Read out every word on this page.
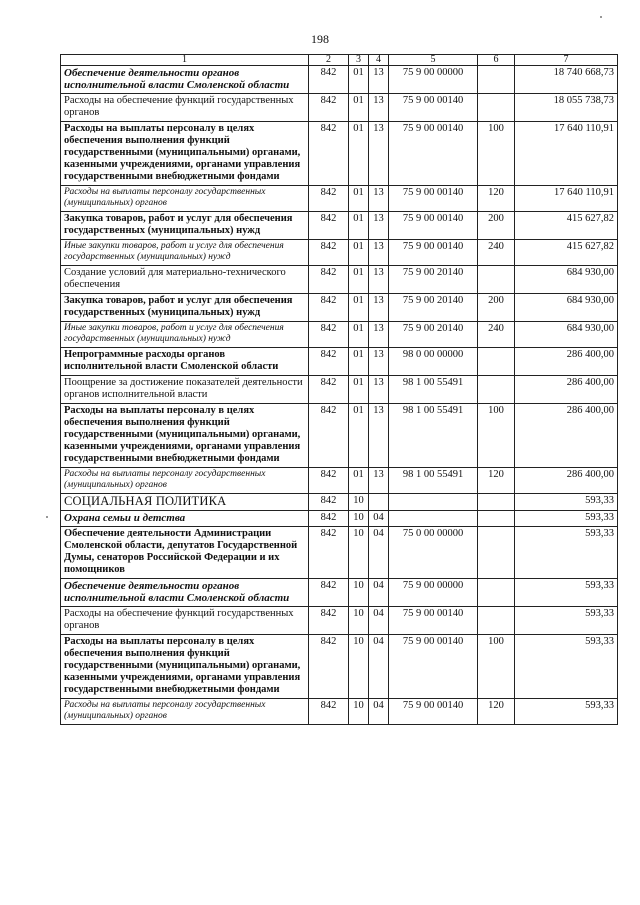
198
1	2	3	4	5	6	7
Обеспечение деятельности органов исполнительной власти Смоленской области	842	01	13	75 9 00 00000		18 740 668,73
Расходы на обеспечение функций государственных органов	842	01	13	75 9 00 00140		18 055 738,73
Расходы на выплаты персоналу в целях обеспечения выполнения функций государственными (муниципальными) органами, казенными учреждениями, органами управления государственными внебюджетными фондами	842	01	13	75 9 00 00140	100	17 640 110,91
Расходы на выплаты персоналу государственных (муниципальных) органов	842	01	13	75 9 00 00140	120	17 640 110,91
Закупка товаров, работ и услуг для обеспечения государственных (муниципальных) нужд	842	01	13	75 9 00 00140	200	415 627,82
Иные закупки товаров, работ и услуг для обеспечения государственных (муниципальных) нужд	842	01	13	75 9 00 00140	240	415 627,82
Создание условий для материально-технического обеспечения	842	01	13	75 9 00 20140		684 930,00
Закупка товаров, работ и услуг для обеспечения государственных (муниципальных) нужд	842	01	13	75 9 00 20140	200	684 930,00
Иные закупки товаров, работ и услуг для обеспечения государственных (муниципальных) нужд	842	01	13	75 9 00 20140	240	684 930,00
Непрограммные расходы органов исполнительной власти Смоленской области	842	01	13	98 0 00 00000		286 400,00
Поощрение за достижение показателей деятельности органов исполнительной власти	842	01	13	98 1 00 55491		286 400,00
Расходы на выплаты персоналу в целях обеспечения выполнения функций государственными (муниципальными) органами, казенными учреждениями, органами управления государственными внебюджетными фондами	842	01	13	98 1 00 55491	100	286 400,00
Расходы на выплаты персоналу государственных (муниципальных) органов	842	01	13	98 1 00 55491	120	286 400,00
СОЦИАЛЬНАЯ ПОЛИТИКА	842	10				593,33
Охрана семьи и детства	842	10	04			593,33
Обеспечение деятельности Администрации Смоленской области, депутатов Государственной Думы, сенаторов Российской Федерации и их помощников	842	10	04	75 0 00 00000		593,33
Обеспечение деятельности органов исполнительной власти Смоленской области	842	10	04	75 9 00 00000		593,33
Расходы на обеспечение функций государственных органов	842	10	04	75 9 00 00140		593,33
Расходы на выплаты персоналу в целях обеспечения выполнения функций государственными (муниципальными) органами, казенными учреждениями, органами управления государственными внебюджетными фондами	842	10	04	75 9 00 00140	100	593,33
Расходы на выплаты персоналу государственных (муниципальных) органов	842	10	04	75 9 00 00140	120	593,33
